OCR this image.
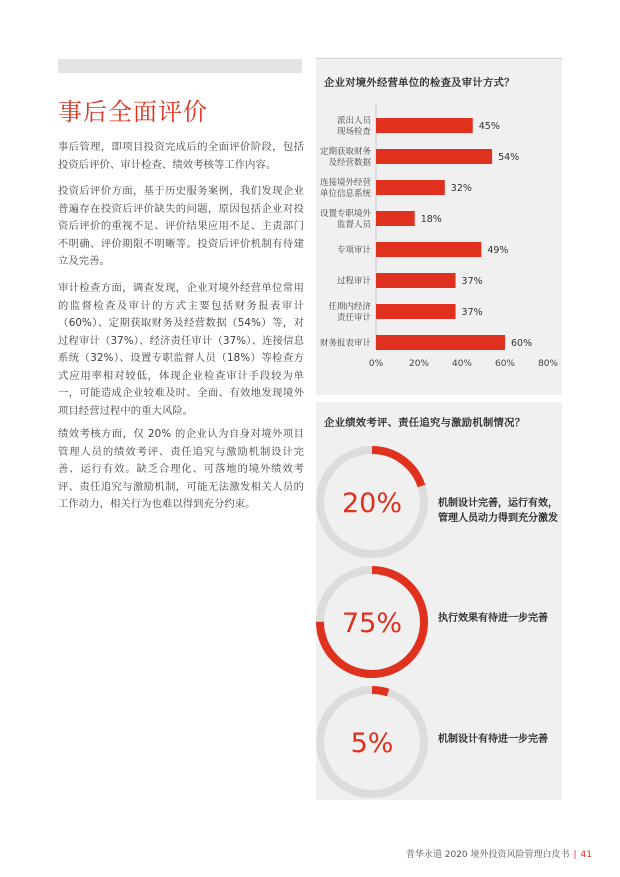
事后全面评价

事后管理，即项目投资完成后的全面评价阶段，包括投资后评价、审计检查、绩效考核等工作内容。

投资后评价方面，基于历史服务案例，我们发现企业普遍存在投资后评价缺失的问题，原因包括企业对投资后评价的重视不足、评价结果应用不足、主责部门不明确、评价期限不明晰等。投资后评价机制有待建立及完善。

审计检查方面，调查发现，企业对境外经营单位常用的监督检查及审计的方式主要包括财务报表审计（60%）、定期获取财务及经营数据（54%）等，对过程审计（37%）、经济责任审计（37%）、连接信息系统（32%）、设置专职监督人员（18%）等检查方式应用率相对较低，体现企业检查审计手段较为单一，可能造成企业较难及时、全面、有效地发现境外项目经营过程中的重大风险。

绩效考核方面，仅 20% 的企业认为自身对境外项目管理人员的绩效考评、责任追究与激励机制设计完善、运行有效。缺乏合理化、可落地的境外绩效考评、责任追究与激励机制，可能无法激发相关人员的工作动力，相关行为也难以得到充分约束。

企业对境外经营单位的检查及审计方式？
45%
派出人员
现场检查
54%
定期获取财务
及经营数据
32%
连接境外经营
单位信息系统
18%
设置专职境外
监督人员
49%
专项审计
37%
过程审计
37%
任期内经济
责任审计
60%
财务报表审计
0%	20%	40%	60%	80%
企业绩效考评、责任追究与激励机制情况？
20%	机制设计完善，运行有效，管理人员动力得到充分激发
75%	执行效果有待进一步完善
5%	机制设计有待进一步完善
普华永道 2020 境外投资风险管理白皮书 | 41
